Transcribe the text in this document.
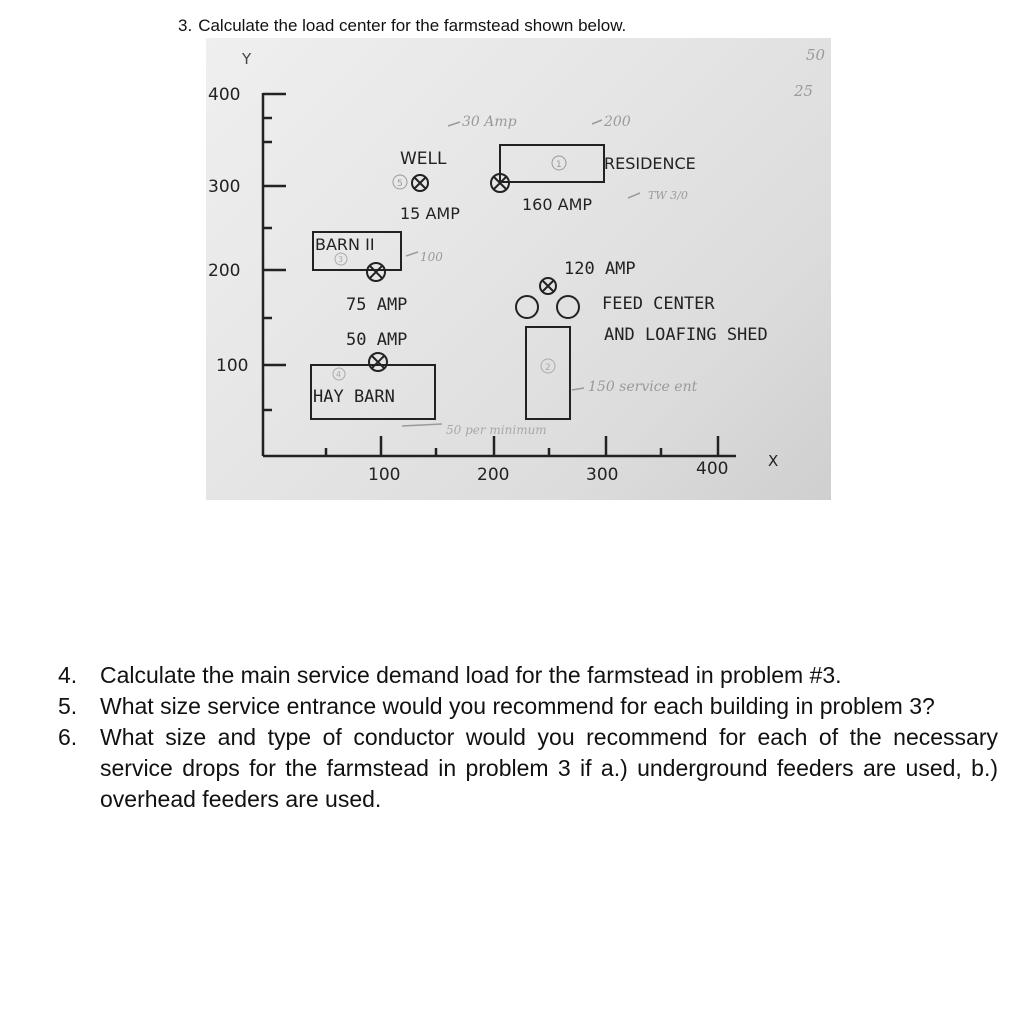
3. Calculate the load center for the farmstead shown below.
Y
X
400
300
200
100
100	200	300	400
WELL
5
15 AMP
1	RESIDENCE
160 AMP
BARN II
3
75 AMP
120 AMP
FEED CENTER
AND LOAFING SHED
2
50 AMP
4
HAY BARN
30 Amp	200
TW 3/0
100
150 service ent
50 per minimum
50
25
4. Calculate the main service demand load for the farmstead in problem #3.
5. What size service entrance would you recommend for each building in problem 3?
6. What size and type of conductor would you recommend for each of the necessary service drops for the farmstead in problem 3 if a.) underground feeders are used, b.) overhead feeders are used.
